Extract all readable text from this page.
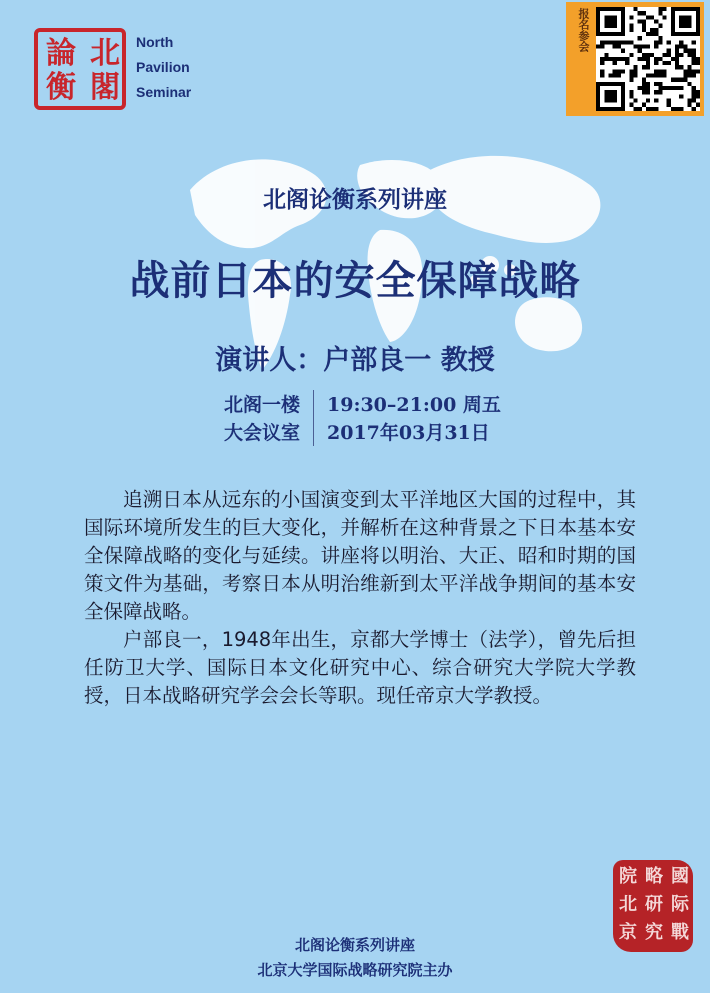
北
閣
論
衡
North
Pavilion
Seminar
报名参会
北阁论衡系列讲座
战前日本的安全保障战略
演讲人：户部良一 教授
北阁一楼
大会议室
19:30–21:00 周五
2017年03月31日

追溯日本从远东的小国演变到太平洋地区大国的过程中，其国际环境所发生的巨大变化，并解析在这种背景之下日本基本安全保障战略的变化与延续。讲座将以明治、大正、昭和时期的国策文件为基础，考察日本从明治维新到太平洋战争期间的基本安全保障战略。

户部良一，1948年出生，京都大学博士（法学），曾先后担任防卫大学、国际日本文化研究中心、综合研究大学院大学教授，日本战略研究学会会长等职。现任帝京大学教授。

國
际
戰
略
研
究
院
北
京
北阁论衡系列讲座
北京大学国际战略研究院主办
